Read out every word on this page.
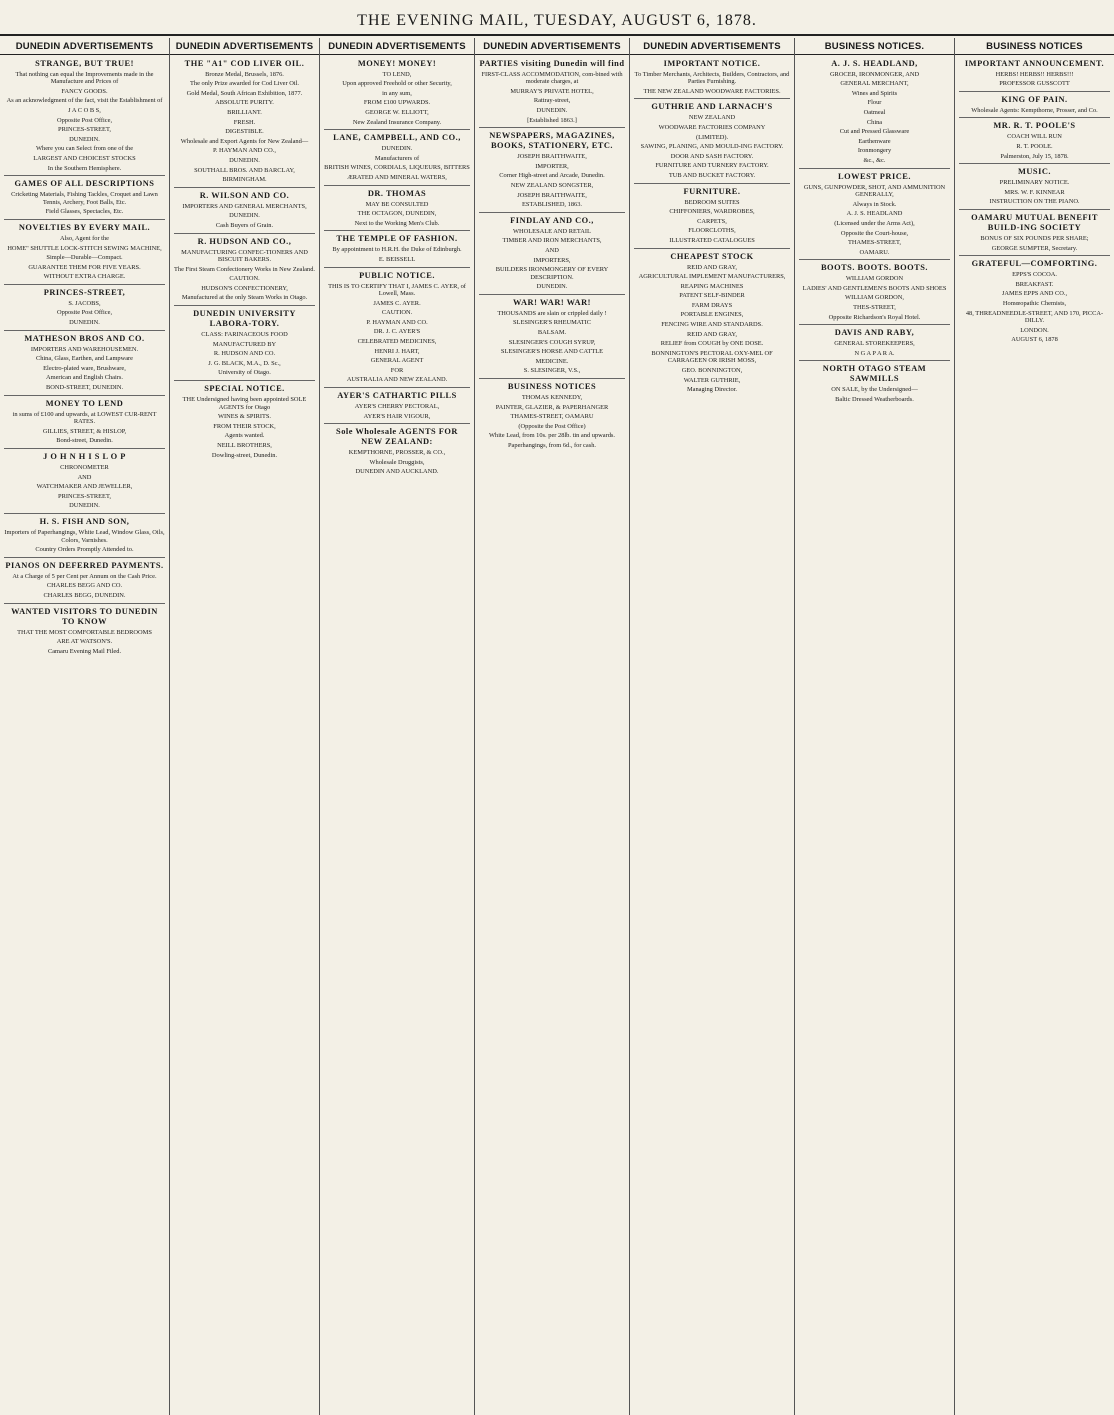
THE EVENING MAIL, TUESDAY, AUGUST 6, 1878.
DUNEDIN ADVERTISEMENTS
STRANGE, BUT TRUE!

That nothing can equal the Improvements made in the Manufacture and Prices of

FANCY GOODS.

As an acknowledgment of the fact, visit the Establishment of

J A C O B S,

Opposite Post Office,

PRINCES-STREET,

DUNEDIN.

Where you can Select from one of the

LARGEST AND CHOICEST STOCKS

In the Southern Hemisphere.

GAMES OF ALL DESCRIPTIONS

Cricketing Materials, Fishing Tackles, Croquet and Lawn Tennis, Archery, Foot Balls, Etc.

Field Glasses, Spectacles, Etc.

NOVELTIES BY EVERY MAIL.

Also, Agent for the

HOME" SHUTTLE LOCK-STITCH SEWING MACHINE,

Simple—Durable—Compact.

GUARANTEE THEM FOR FIVE YEARS.

WITHOUT EXTRA CHARGE.

PRINCES-STREET,

S. JACOBS,

Opposite Post Office,

DUNEDIN.

MATHESON BROS AND CO.

IMPORTERS AND WAREHOUSEMEN.

China, Glass, Earthen, and Lampware

Electro-plated ware, Brushware,

American and English Chairs.

BOND-STREET, DUNEDIN.

MONEY TO LEND

in sums of £100 and upwards, at LOWEST CUR-RENT RATES.

GILLIES, STREET, & HISLOP,

Bond-street, Dunedin.

J O H N H I S L O P

CHRONOMETER

AND

WATCHMAKER AND JEWELLER,

PRINCES-STREET,

DUNEDIN.

H. S. FISH AND SON,

Importers of Paperhangings, White Lead, Window Glass, Oils, Colors, Varnishes.

Country Orders Promptly Attended to.

PIANOS ON DEFERRED PAYMENTS.

At a Charge of 5 per Cent per Annum on the Cash Price.

CHARLES BEGG AND CO.

CHARLES BEGG, DUNEDIN.

WANTED VISITORS TO DUNEDIN TO KNOW

THAT THE MOST COMFORTABLE BEDROOMS

ARE AT WATSON'S.

Camaru Evening Mail Filed.

DUNEDIN ADVERTISEMENTS
THE "A1" COD LIVER OIL.

Bronze Medal, Brussels, 1876.

The only Prize awarded for Cod Liver Oil.

Gold Medal, South African Exhibition, 1877.

ABSOLUTE PURITY.

BRILLIANT.

FRESH.

DIGESTIBLE.

Wholesale and Export Agents for New Zealand—

P. HAYMAN AND CO.,

DUNEDIN.

SOUTHALL BROS. AND BARCLAY,

BIRMINGHAM.

R. WILSON AND CO.

IMPORTERS AND GENERAL MERCHANTS,

DUNEDIN.

Cash Buyers of Grain.

R. HUDSON AND CO.,

MANUFACTURING CONFEC-TIONERS AND BISCUIT BAKERS.

The First Steam Confectionery Works in New Zealand.

CAUTION.

HUDSON'S CONFECTIONERY,

Manufactured at the only Steam Works in Otago.

DUNEDIN UNIVERSITY LABORA-TORY.

CLASS: FARINACEOUS FOOD

MANUFACTURED BY

R. HUDSON AND CO.

J. G. BLACK, M.A., D. Sc.,

University of Otago.

SPECIAL NOTICE.

THE Undersigned having been appointed SOLE AGENTS for Otago

WINES & SPIRITS.

FROM THEIR STOCK,

Agents wanted.

NEILL BROTHERS,

Dowling-street, Dunedin.

DUNEDIN ADVERTISEMENTS
MONEY! MONEY!

TO LEND,

Upon approved Freehold or other Security,

in any sum,

FROM £100 UPWARDS.

GEORGE W. ELLIOTT,

New Zealand Insurance Company.

LANE, CAMPBELL, AND CO.,

DUNEDIN.

Manufacturers of

BRITISH WINES, CORDIALS, LIQUEURS, BITTERS

ÆRATED AND MINERAL WATERS,

DR. THOMAS

MAY BE CONSULTED

THE OCTAGON, DUNEDIN,

Next to the Working Men's Club.

THE TEMPLE OF FASHION.

By appointment to H.R.H. the Duke of Edinburgh.

E. BEISSELL

PUBLIC NOTICE.

THIS IS TO CERTIFY THAT I, JAMES C. AYER, of Lowell, Mass.

JAMES C. AYER.

CAUTION.

P. HAYMAN AND CO.

DR. J. C. AYER'S

CELEBRATED MEDICINES,

HENRI J. HART,

GENERAL AGENT

FOR

AUSTRALIA AND NEW ZEALAND.

AYER'S CATHARTIC PILLS

AYER'S CHERRY PECTORAL,

AYER'S HAIR VIGOUR,

Sole Wholesale AGENTS FOR NEW ZEALAND:

KEMPTHORNE, PROSSER, & CO.,

Wholesale Druggists,

DUNEDIN AND AUCKLAND.

DUNEDIN ADVERTISEMENTS
PARTIES visiting Dunedin will find

FIRST-CLASS ACCOMMODATION, com-bined with moderate charges, at

MURRAY'S PRIVATE HOTEL,

Rattray-street,

DUNEDIN.

[Established 1863.]

NEWSPAPERS, MAGAZINES, BOOKS, STATIONERY, ETC.

JOSEPH BRAITHWAITE,

IMPORTER,

Corner High-street and Arcade, Dunedin.

NEW ZEALAND SONGSTER,

JOSEPH BRAITHWAITE,

ESTABLISHED, 1863.

FINDLAY AND CO.,

WHOLESALE AND RETAIL

TIMBER AND IRON MERCHANTS,

AND

IMPORTERS,

BUILDERS IRONMONGERY OF EVERY DESCRIPTION.

DUNEDIN.

WAR! WAR! WAR!

THOUSANDS are slain or crippled daily !

SLESINGER'S RHEUMATIC

BALSAM.

SLESINGER'S COUGH SYRUP,

SLESINGER'S HORSE AND CATTLE

MEDICINE.

S. SLESINGER, V.S.,

BUSINESS NOTICES

THOMAS KENNEDY,

PAINTER, GLAZIER, & PAPERHANGER

THAMES-STREET, OAMARU

(Opposite the Post Office)

White Lead, from 10s. per 28lb. tin and upwards.

Paperhangings, from 6d., for cash.

DUNEDIN ADVERTISEMENTS
IMPORTANT NOTICE.

To Timber Merchants, Architects, Builders, Contractors, and Parties Furnishing.

THE NEW ZEALAND WOODWARE FACTORIES.

GUTHRIE AND LARNACH'S

NEW ZEALAND

WOODWARE FACTORIES COMPANY

(LIMITED).

SAWING, PLANING, AND MOULD-ING FACTORY.

DOOR AND SASH FACTORY.

FURNITURE AND TURNERY FACTORY.

TUB AND BUCKET FACTORY.

FURNITURE.

BEDROOM SUITES

CHIFFONIERS, WARDROBES,

CARPETS,

FLOORCLOTHS,

ILLUSTRATED CATALOGUES

CHEAPEST STOCK

REID AND GRAY,

AGRICULTURAL IMPLEMENT MANUFACTURERS,

REAPING MACHINES

PATENT SELF-BINDER

FARM DRAYS

PORTABLE ENGINES,

FENCING WIRE AND STANDARDS.

REID AND GRAY,

RELIEF from COUGH by ONE DOSE.

BONNINGTON'S PECTORAL OXY-MEL OF CARRAGEEN OR IRISH MOSS,

GEO. BONNINGTON,

WALTER GUTHRIE,

Managing Director.

BUSINESS NOTICES.
A. J. S. HEADLAND,

GROCER, IRONMONGER, AND

GENERAL MERCHANT,

Wines and Spirits

Flour

Oatmeal

China

Cut and Pressed Glassware

Earthenware

Ironmongery

&c., &c.

LOWEST PRICE.

GUNS, GUNPOWDER, SHOT, AND AMMUNITION GENERALLY,

Always in Stock.

A. J. S. HEADLAND

(Licensed under the Arms Act),

Opposite the Court-house,

THAMES-STREET,

OAMARU.

BOOTS. BOOTS. BOOTS.

WILLIAM GORDON

LADIES' AND GENTLEMEN'S BOOTS AND SHOES

WILLIAM GORDON,

THES-STREET,

Opposite Richardson's Royal Hotel.

DAVIS AND RABY,

GENERAL STOREKEEPERS,

N G A P A R A.

NORTH OTAGO STEAM SAWMILLS

ON SALE, by the Undersigned—

Baltic Dressed Weatherboards.

BUSINESS NOTICES
IMPORTANT ANNOUNCEMENT.

HERBS! HERBS!! HERBS!!!

PROFESSOR GUSSCOTT

KING OF PAIN.

Wholesale Agents: Kempthorne, Prosser, and Co.

MR. R. T. POOLE'S

COACH WILL RUN

R. T. POOLE.

Palmerston, July 15, 1878.

MUSIC.

PRELIMINARY NOTICE.

MRS. W. F. KINNEAR

INSTRUCTION ON THE PIANO.

OAMARU MUTUAL BENEFIT BUILD-ING SOCIETY

BONUS OF SIX POUNDS PER SHARE;

GEORGE SUMPTER, Secretary.

GRATEFUL—COMFORTING.

EPPS'S COCOA.

BREAKFAST.

JAMES EPPS AND CO.,

Homœopathic Chemists,

48, THREADNEEDLE-STREET, AND 170, PICCA-DILLY.

LONDON.

AUGUST 6, 1878
